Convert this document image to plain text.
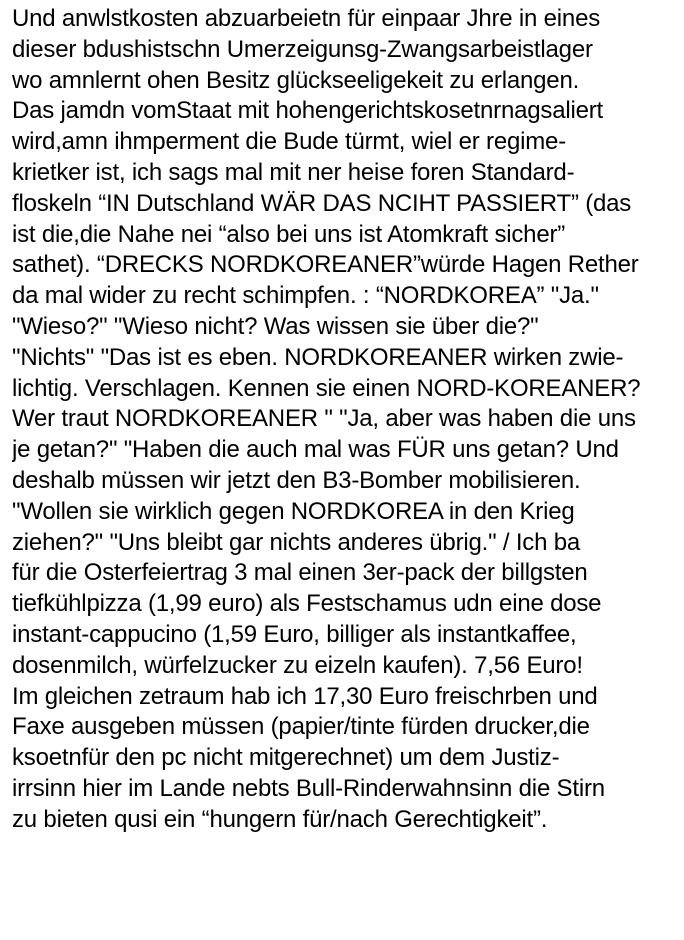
Und anwlstkosten abzuarbeietn für einpaar Jhre in eines
dieser bdushistschn Umerzeigunsg-Zwangsarbeistlager
wo amnlernt ohen Besitz glückseeligekeit zu erlangen.
Das jamdn vomStaat mit hohengerichtskosetnrnagsaliert
wird,amn ihmperment die Bude türmt, wiel er regime-
krietker ist, ich sags mal mit ner heise foren Standard-
floskeln “IN Dutschland WÄR DAS NCIHT PASSIERT” (das
ist die,die Nahe nei “also bei uns ist Atomkraft sicher”
sathet). “DRECKS NORDKOREANER”würde Hagen Rether
da mal wider zu recht schimpfen. : “NORDKOREA” "Ja."
"Wieso?" "Wieso nicht? Was wissen sie über die?"
"Nichts" "Das ist es eben. NORDKOREANER wirken zwie-
lichtig. Verschlagen. Kennen sie einen NORD-KOREANER?
Wer traut NORDKOREANER " "Ja, aber was haben die uns
je getan?" "Haben die auch mal was FÜR uns getan? Und
deshalb müssen wir jetzt den B3-Bomber mobilisieren.
"Wollen sie wirklich gegen NORDKOREA in den Krieg
ziehen?" "Uns bleibt gar nichts anderes übrig." / Ich ba
für die Osterfeiertrag 3 mal einen 3er-pack der billgsten
tiefkühlpizza (1,99 euro) als Festschamus udn eine dose
instant-cappucino (1,59 Euro, billiger als instantkaffee,
dosenmilch, würfelzucker zu eizeln kaufen). 7,56 Euro!
Im gleichen zetraum hab ich 17,30 Euro freischrben und
Faxe ausgeben müssen (papier/tinte fürden drucker,die
ksoetnfür den pc nicht mitgerechnet) um dem Justiz-
irrsinn hier im Lande nebts Bull-Rinderwahnsinn die Stirn
zu bieten qusi ein “hungern für/nach Gerechtigkeit”.
